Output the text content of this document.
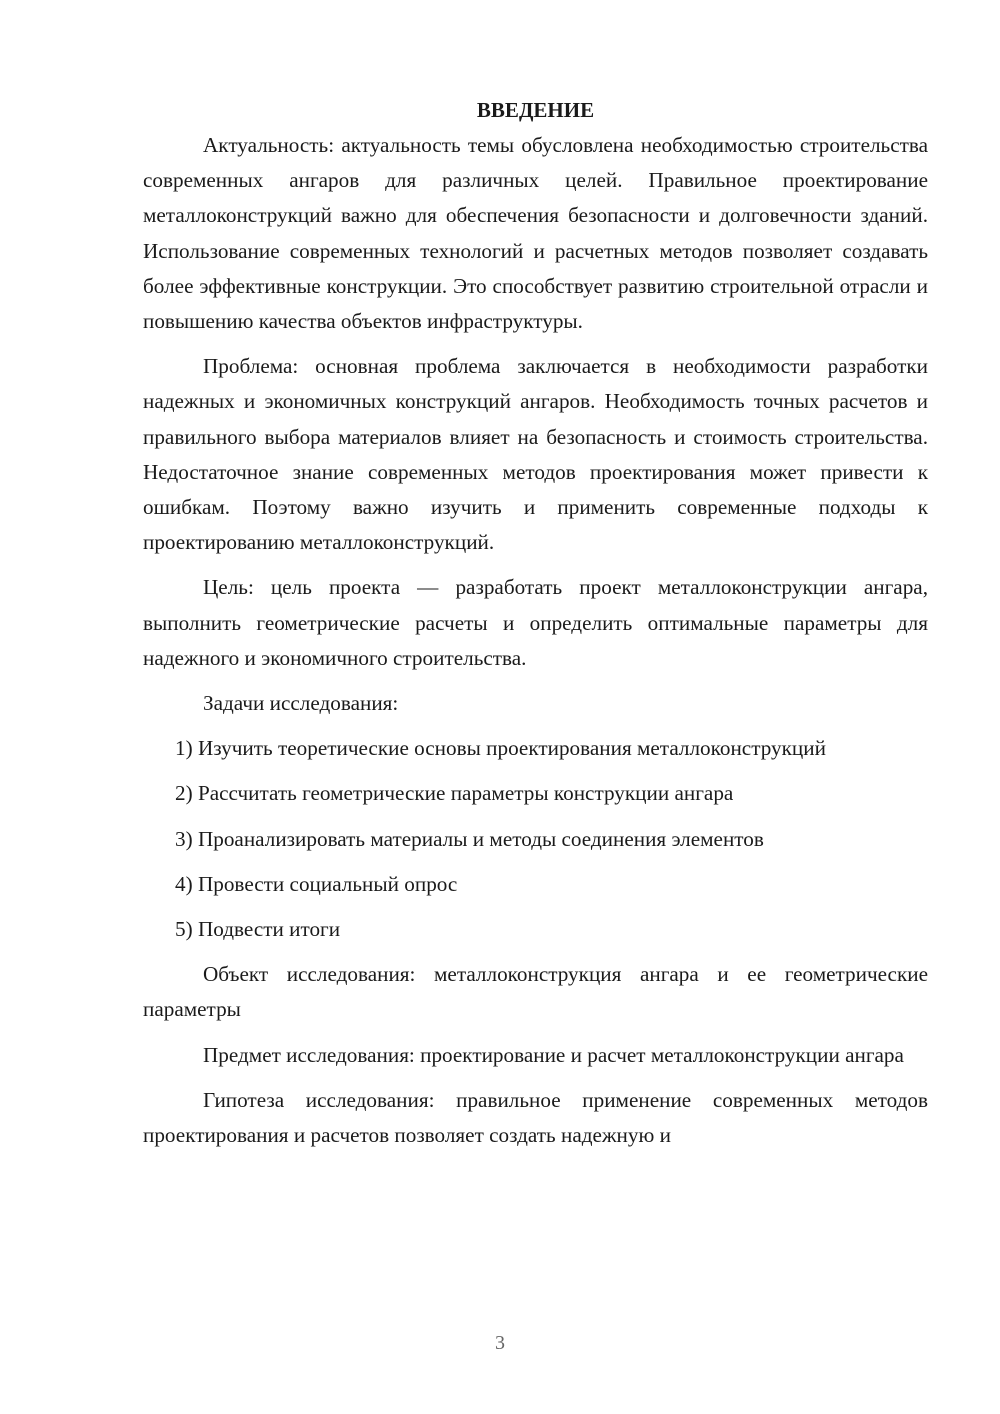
ВВЕДЕНИЕ

Актуальность: актуальность темы обусловлена необходимостью строительства современных ангаров для различных целей. Правильное проектирование металлоконструкций важно для обеспечения безопасности и долговечности зданий. Использование современных технологий и расчетных методов позволяет создавать более эффективные конструкции. Это способствует развитию строительной отрасли и повышению качества объектов инфраструктуры.

Проблема: основная проблема заключается в необходимости разработки надежных и экономичных конструкций ангаров. Необходимость точных расчетов и правильного выбора материалов влияет на безопасность и стоимость строительства. Недостаточное знание современных методов проектирования может привести к ошибкам. Поэтому важно изучить и применить современные подходы к проектированию металлоконструкций.

Цель: цель проекта — разработать проект металлоконструкции ангара, выполнить геометрические расчеты и определить оптимальные параметры для надежного и экономичного строительства.

Задачи исследования:

1) Изучить теоретические основы проектирования металлоконструкций

2) Рассчитать геометрические параметры конструкции ангара

3) Проанализировать материалы и методы соединения элементов

4) Провести социальный опрос

5) Подвести итоги

Объект исследования: металлоконструкция ангара и ее геометрические параметры

Предмет исследования: проектирование и расчет металлоконструкции ангара

Гипотеза исследования: правильное применение современных методов проектирования и расчетов позволяет создать надежную и

3
